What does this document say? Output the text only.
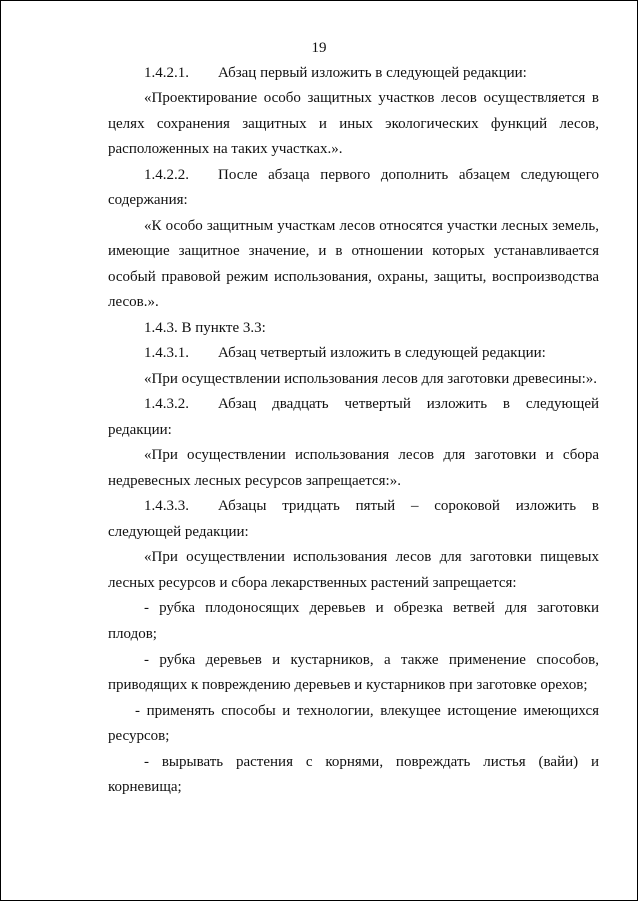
19
1.4.2.1. Абзац первый изложить в следующей редакции:
«Проектирование особо защитных участков лесов осуществляется в
целях сохранения защитных и иных экологических функций лесов,
расположенных на таких участках.».
1.4.2.2.	После абзаца первого дополнить абзацем следующего
содержания:
«К особо защитным участкам лесов относятся участки лесных земель,
имеющие защитное значение, и в отношении которых устанавливается
особый правовой режим использования, охраны, защиты, воспроизводства
лесов.».
1.4.3. В пункте 3.3:
1.4.3.1. Абзац четвертый изложить в следующей редакции:
«При осуществлении использования лесов для заготовки древесины:».
1.4.3.2.	Абзац двадцать четвертый изложить в следующей
редакции:
«При осуществлении использования лесов для заготовки и сбора
недревесных лесных ресурсов запрещается:».
1.4.3.3.	Абзацы тридцать пятый – сороковой изложить в
следующей редакции:
«При осуществлении использования лесов для заготовки пищевых
лесных ресурсов и сбора лекарственных растений запрещается:
- рубка плодоносящих деревьев и обрезка ветвей для заготовки
плодов;
- рубка деревьев и кустарников, а также применение способов,
приводящих к повреждению деревьев и кустарников при заготовке орехов;
- применять способы и технологии, влекущее истощение имеющихся
ресурсов;
- вырывать растения с корнями, повреждать листья (вайи) и
корневища;
